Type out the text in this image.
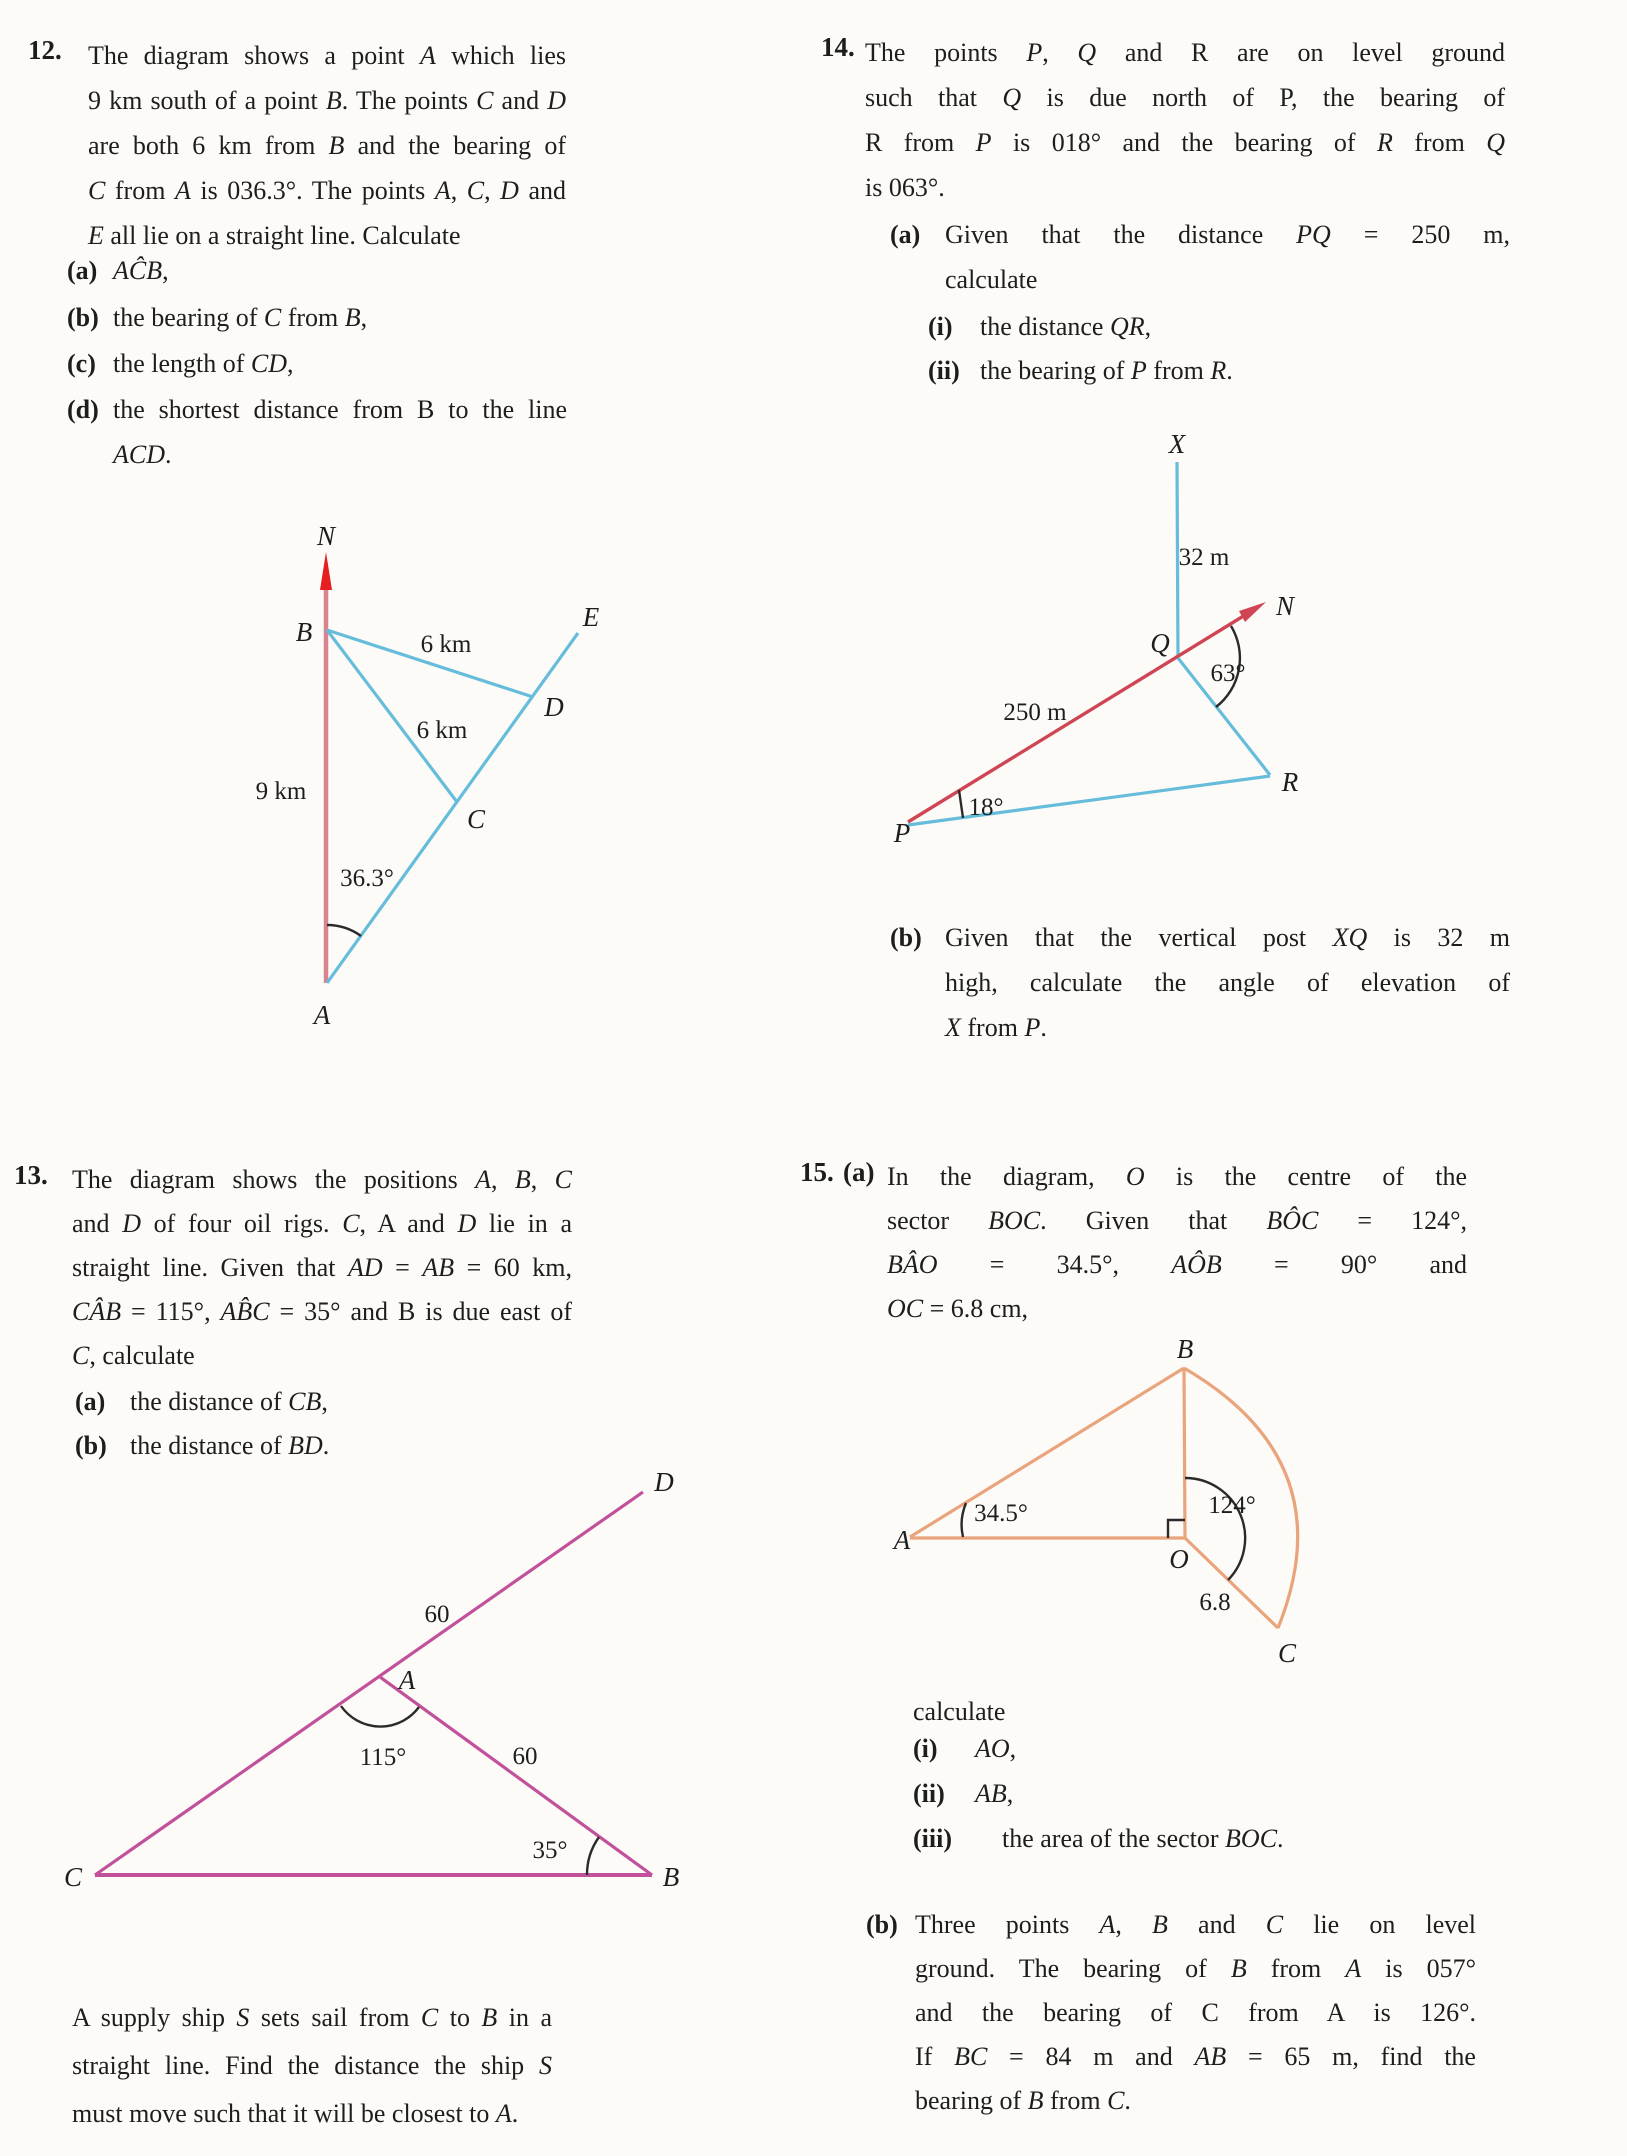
12. The diagram shows a point A which lies
9 km south of a point B. The points C and D
are both 6 km from B and the bearing of
C from A is 036.3°. The points A, C, D and
E all lie on a straight line. Calculate
(a) AĈB,
(b) the bearing of C from B,
(c) the length of CD,
(d) the shortest distance from B to the line
ACD.
13. The diagram shows the positions A, B, C
and D of four oil rigs. C, A and D lie in a
straight line. Given that AD = AB = 60 km,
CÂB = 115°, AB̂C = 35° and B is due east of
C, calculate
(a) the distance of CB,
(b) the distance of BD.
A supply ship S sets sail from C to B in a
straight line. Find the distance the ship S
must move such that it will be closest to A.
14. The points P, Q and R are on level ground
such that Q is due north of P, the bearing of
R from P is 018° and the bearing of R from Q
is 063°.
(a) Given that the distance PQ = 250 m,
calculate
(i)	the distance QR,
(ii) the bearing of P from R.
(b) Given that the vertical post XQ is 32 m
high, calculate the angle of elevation of
X from P.
15. (a) In the diagram, O is the centre of the
sector BOC. Given that BÔC = 124°,
BÂO = 34.5°, AÔB = 90° and
OC = 6.8 cm,
calculate
(i)	AO,
(ii)	AB,
(iii)	the area of the sector BOC.
(b) Three points A, B and C lie on level
ground. The bearing of B from A is 057°
and the bearing of C from A is 126°.
If BC = 84 m and AB = 65 m, find the
bearing of B from C.
N
B	E
D
C
A
6 km
6 km
9 km
36.3°
D
A
C	B
60
60
115°
35°
X
N
Q
P
R
32 m
250 m
63°
18°
B
A
O
C
124°
34.5°
6.8
